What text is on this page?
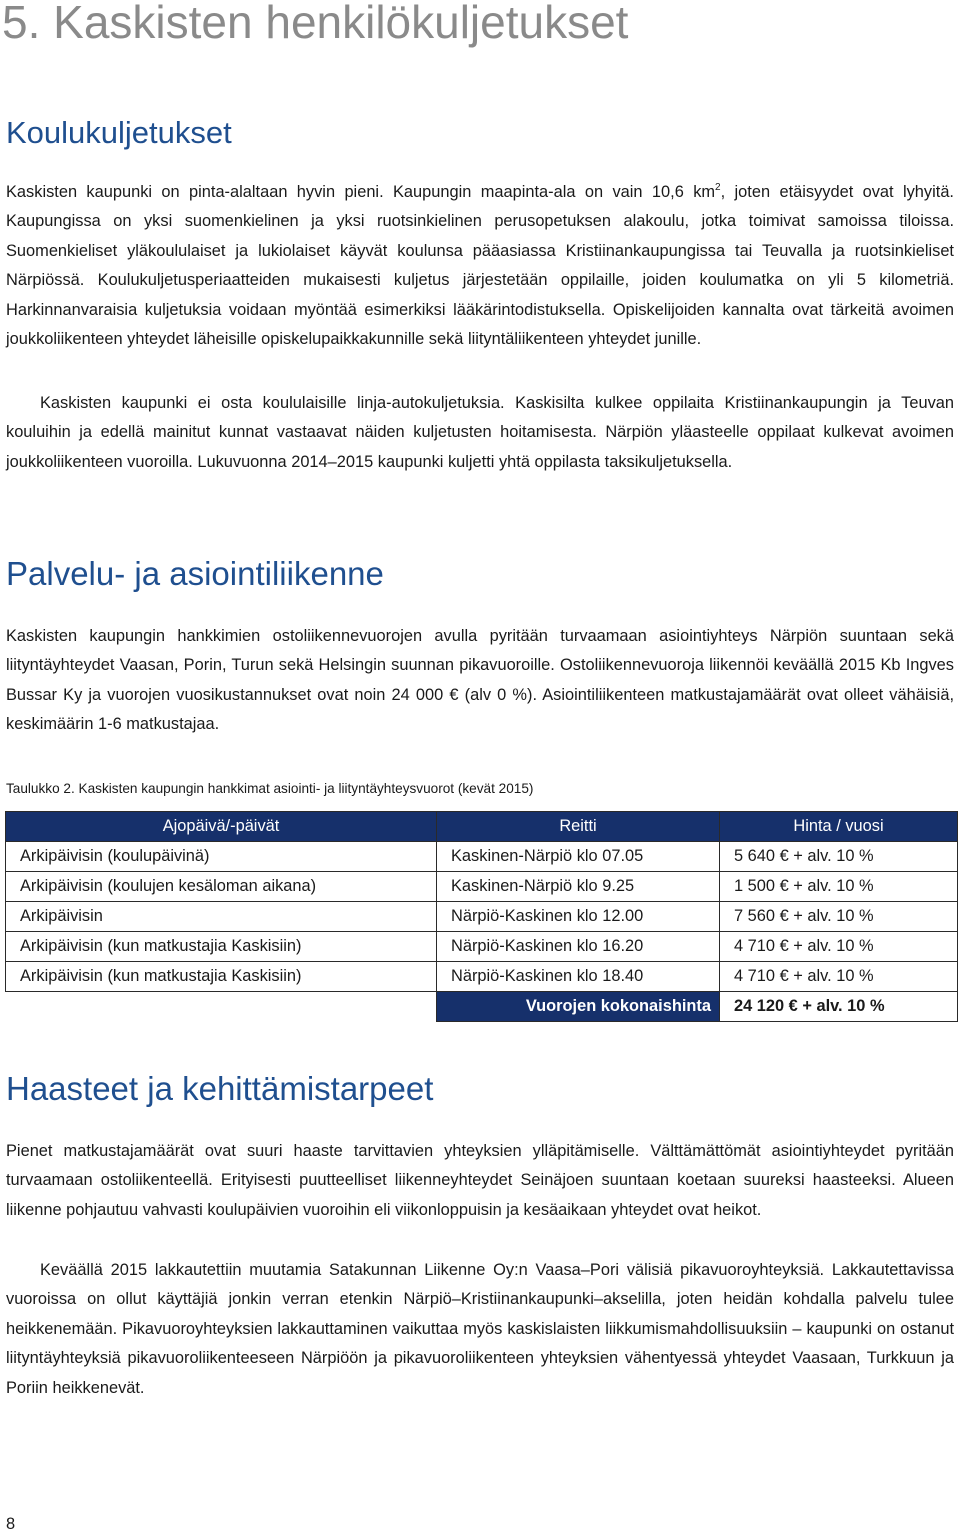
5. Kaskisten henkilökuljetukset
Koulukuljetukset

Kaskisten kaupunki on pinta-alaltaan hyvin pieni. Kaupungin maapinta-ala on vain 10,6 $km^2$, joten etäisyydet ovat lyhyitä. Kaupungissa on yksi suomenkielinen ja yksi ruotsinkielinen perusopetuksen alakoulu, jotka toimivat samoissa tiloissa. Suomenkieliset yläkoululaiset ja lukiolaiset käyvät koulunsa pääasiassa Kristiinankaupungissa tai Teuvalla ja ruotsinkieliset Närpiössä. Koulukuljetusperiaatteiden mukaisesti kuljetus järjestetään oppilaille, joiden koulumatka on yli 5 kilometriä. Harkinnanvaraisia kuljetuksia voidaan myöntää esimerkiksi lääkärintodistuksella. Opiskelijoiden kannalta ovat tärkeitä avoimen joukkoliikenteen yhteydet läheisille opiskelupaikkakunnille sekä liityntäliikenteen yhteydet junille.

Kaskisten kaupunki ei osta koululaisille linja-autokuljetuksia. Kaskisilta kulkee oppilaita Kristiinankaupungin ja Teuvan kouluihin ja edellä mainitut kunnat vastaavat näiden kuljetusten hoitamisesta. Närpiön yläasteelle oppilaat kulkevat avoimen joukkoliikenteen vuoroilla. Lukuvuonna 2014–2015 kaupunki kuljetti yhtä oppilasta taksikuljetuksella.

Palvelu- ja asiointiliikenne

Kaskisten kaupungin hankkimien ostoliikennevuorojen avulla pyritään turvaamaan asiointiyhteys Närpiön suuntaan sekä liityntäyhteydet Vaasan, Porin, Turun sekä Helsingin suunnan pikavuoroille. Ostoliikennevuoroja liikennöi keväällä 2015 Kb Ingves Bussar Ky ja vuorojen vuosikustannukset ovat noin 24 000 € (alv 0 %). Asiointiliikenteen matkustajamäärät ovat olleet vähäisiä, keskimäärin 1-6 matkustajaa.

Taulukko 2. Kaskisten kaupungin hankkimat asiointi- ja liityntäyhteysvuorot (kevät 2015)

Ajopäivä/-päivät	Reitti	Hinta / vuosi
Arkipäivisin (koulupäivinä)	Kaskinen-Närpiö klo 07.05	5 640 € + alv. 10 %
Arkipäivisin (koulujen kesäloman aikana)	Kaskinen-Närpiö klo 9.25	1 500 € + alv. 10 %
Arkipäivisin	Närpiö-Kaskinen klo 12.00	7 560 € + alv. 10 %
Arkipäivisin (kun matkustajia Kaskisiin)	Närpiö-Kaskinen klo 16.20	4 710 € + alv. 10 %
Arkipäivisin (kun matkustajia Kaskisiin)	Närpiö-Kaskinen klo 18.40	4 710 € + alv. 10 %
	Vuorojen kokonaishinta	24 120 € + alv. 10 %
Haasteet ja kehittämistarpeet

Pienet matkustajamäärät ovat suuri haaste tarvittavien yhteyksien ylläpitämiselle. Välttämättömät asiointiyhteydet pyritään turvaamaan ostoliikenteellä. Erityisesti puutteelliset liikenneyhteydet Seinäjoen suuntaan koetaan suureksi haasteeksi. Alueen liikenne pohjautuu vahvasti koulupäivien vuoroihin eli viikonloppuisin ja kesäaikaan yhteydet ovat heikot.

Keväällä 2015 lakkautettiin muutamia Satakunnan Liikenne Oy:n Vaasa–Pori välisiä pikavuoroyhteyksiä. Lakkautettavissa vuoroissa on ollut käyttäjiä jonkin verran etenkin Närpiö–Kristiinankaupunki–akselilla, joten heidän kohdalla palvelu tulee heikkenemään. Pikavuoroyhteyksien lakkauttaminen vaikuttaa myös kaskislaisten liikkumismahdollisuuksiin – kaupunki on ostanut liityntäyhteyksiä pikavuoroliikenteeseen Närpiöön ja pikavuoroliikenteen yhteyksien vähentyessä yhteydet Vaasaan, Turkkuun ja Poriin heikkenevät.

8
